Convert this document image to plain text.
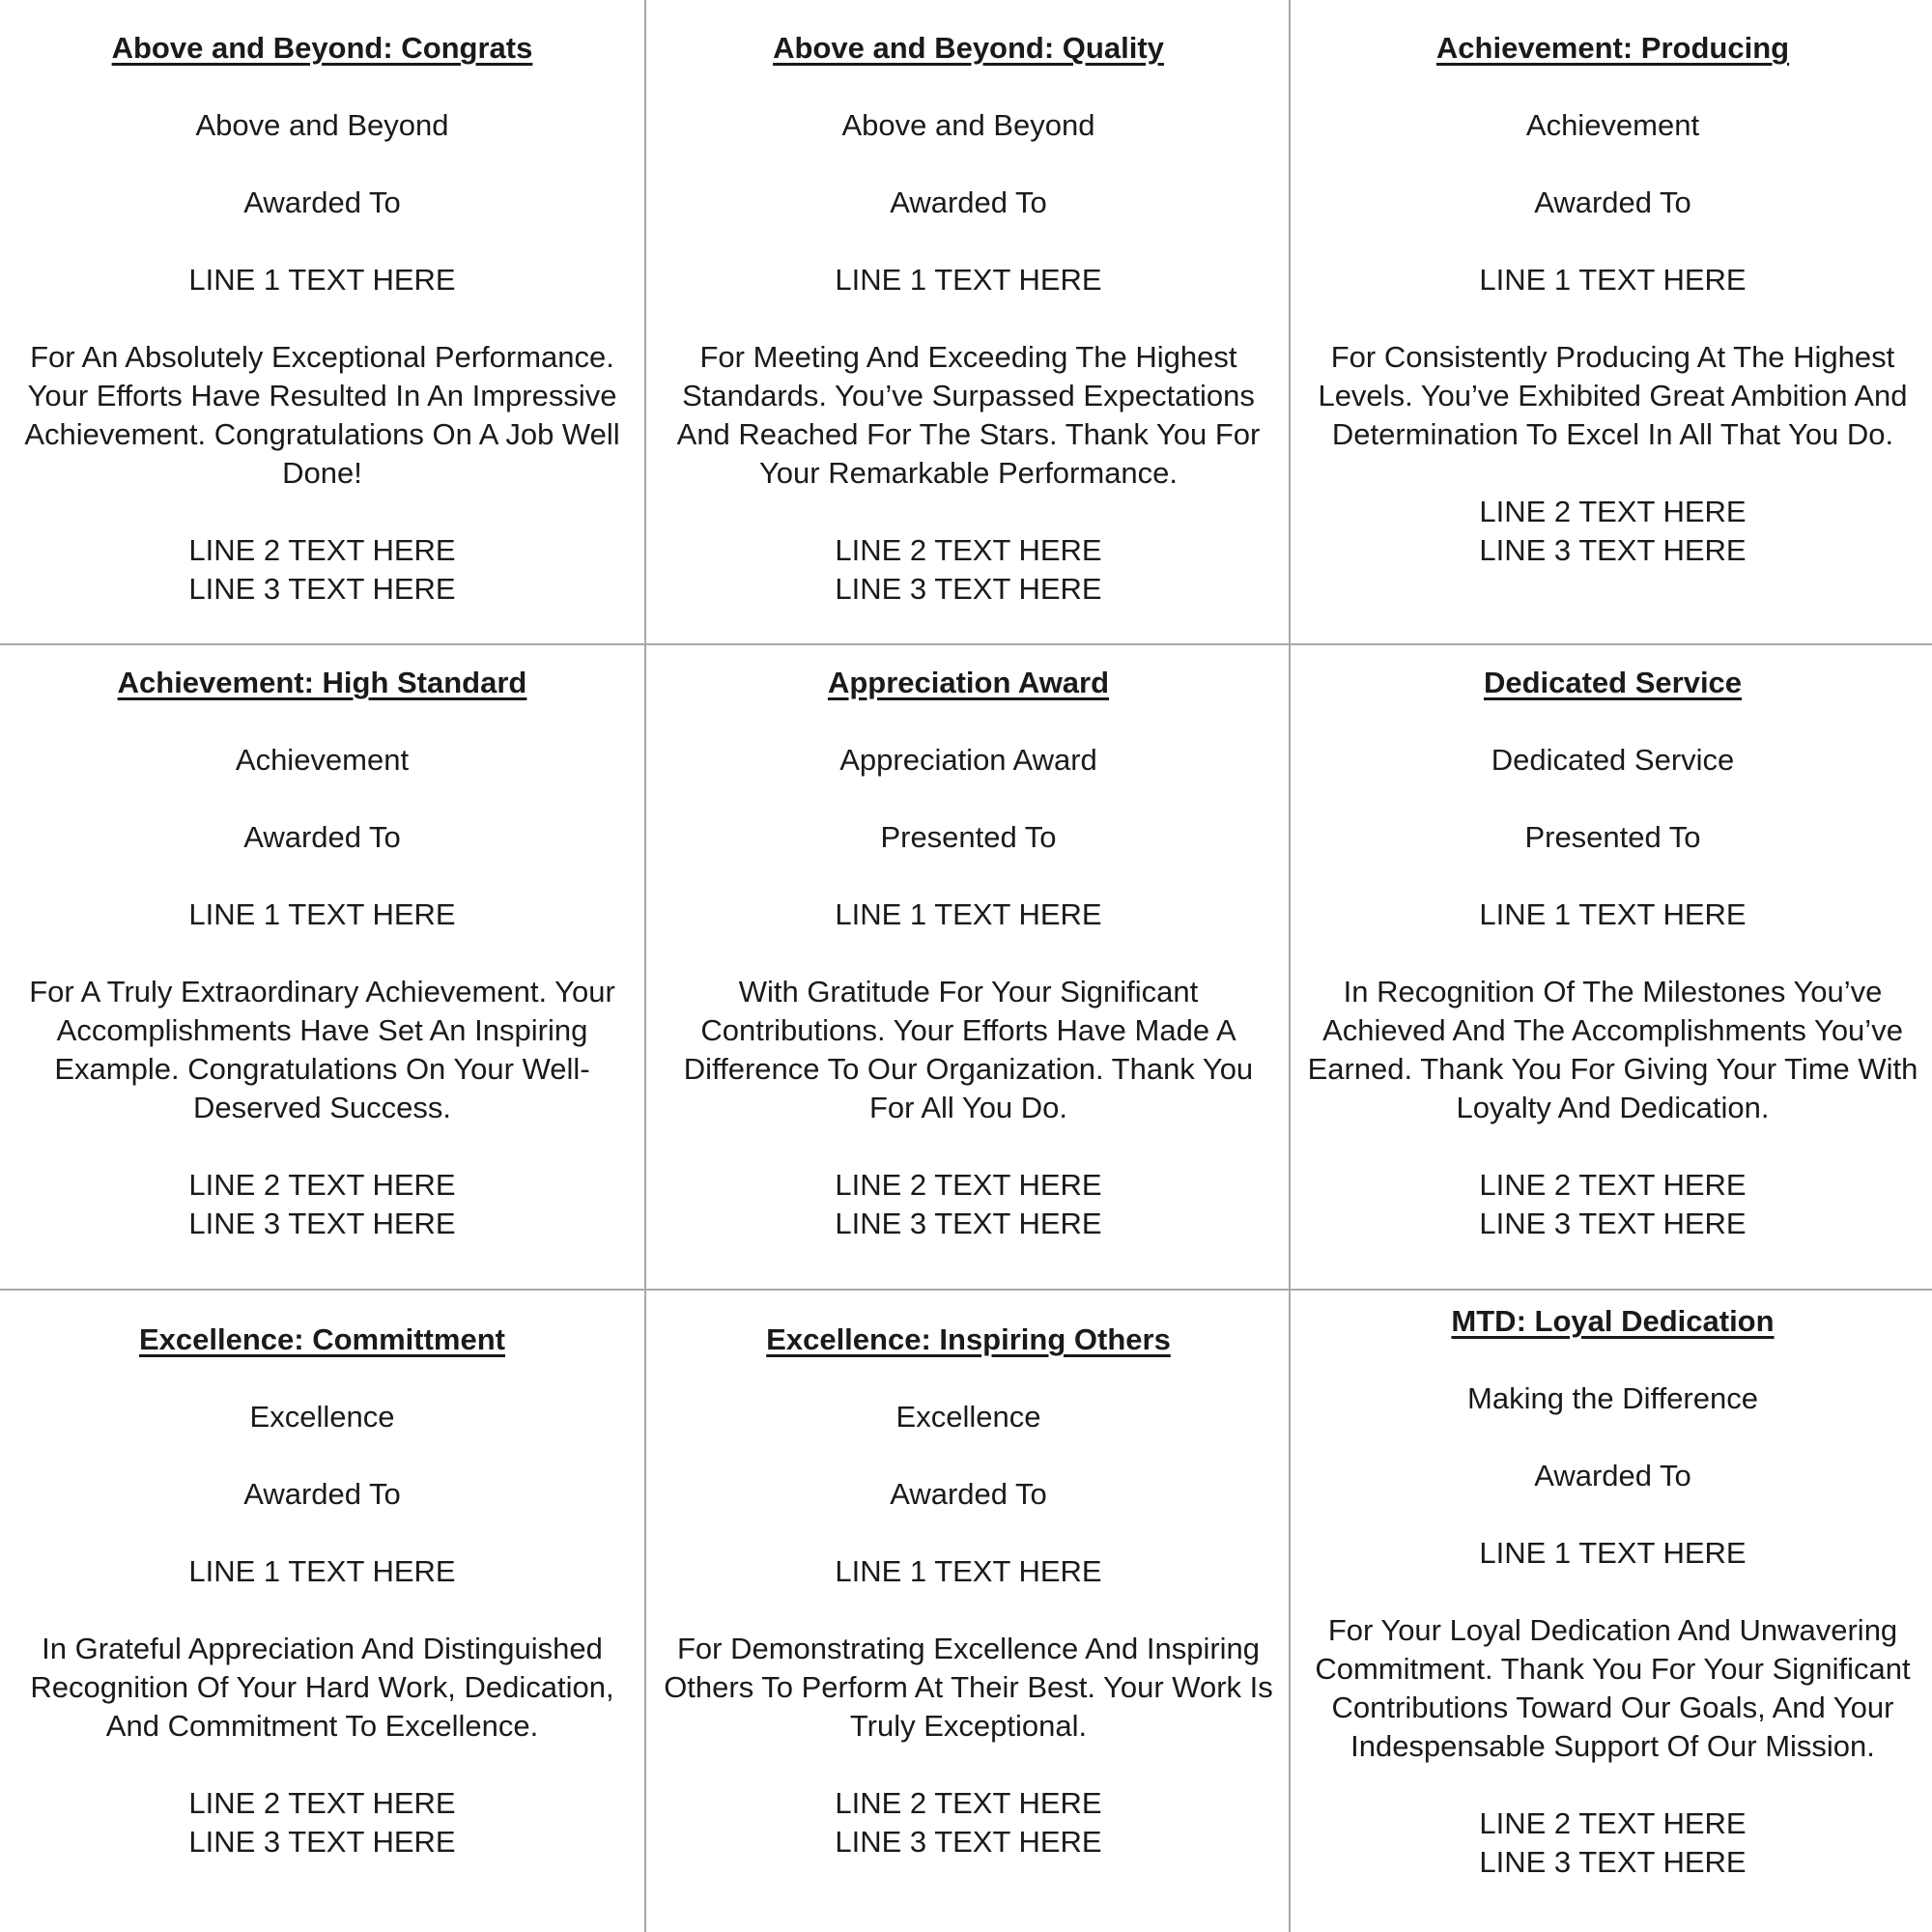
Above and Beyond: Congrats
Above and Beyond
Awarded To
LINE 1 TEXT HERE
For An Absolutely Exceptional Performance. Your Efforts Have Resulted In An Impressive Achievement. Congratulations On A Job Well Done!
LINE 2 TEXT HERE
LINE 3 TEXT HERE
Above and Beyond: Quality
Above and Beyond
Awarded To
LINE 1 TEXT HERE
For Meeting And Exceeding The Highest Standards. You’ve Surpassed Expectations And Reached For The Stars. Thank You For Your Remarkable Performance.
LINE 2 TEXT HERE
LINE 3 TEXT HERE
Achievement: Producing
Achievement
Awarded To
LINE 1 TEXT HERE
For Consistently Producing At The Highest Levels. You’ve Exhibited Great Ambition And Determination To Excel In All That You Do.
LINE 2 TEXT HERE
LINE 3 TEXT HERE
Achievement: High Standard
Achievement
Awarded To
LINE 1 TEXT HERE
For A Truly Extraordinary Achievement. Your Accomplishments Have Set An Inspiring Example. Congratulations On Your Well-Deserved Success.
LINE 2 TEXT HERE
LINE 3 TEXT HERE
Appreciation Award
Appreciation Award
Presented To
LINE 1 TEXT HERE
With Gratitude For Your Significant Contributions. Your Efforts Have Made A Difference To Our Organization. Thank You For All You Do.
LINE 2 TEXT HERE
LINE 3 TEXT HERE
Dedicated Service
Dedicated Service
Presented To
LINE 1 TEXT HERE
In Recognition Of The Milestones You’ve Achieved And The Accomplishments You’ve Earned. Thank You For Giving Your Time With Loyalty And Dedication.
LINE 2 TEXT HERE
LINE 3 TEXT HERE
Excellence: Committment
Excellence
Awarded To
LINE 1 TEXT HERE
In Grateful Appreciation And Distinguished Recognition Of Your Hard Work, Dedication, And Commitment To Excellence.
LINE 2 TEXT HERE
LINE 3 TEXT HERE
Excellence: Inspiring Others
Excellence
Awarded To
LINE 1 TEXT HERE
For Demonstrating Excellence And Inspiring Others To Perform At Their Best. Your Work Is Truly Exceptional.
LINE 2 TEXT HERE
LINE 3 TEXT HERE
MTD: Loyal Dedication
Making the Difference
Awarded To
LINE 1 TEXT HERE
For Your Loyal Dedication And Unwavering Commitment. Thank You For Your Significant Contributions Toward Our Goals, And Your Indespensable Support Of Our Mission.
LINE 2 TEXT HERE
LINE 3 TEXT HERE
